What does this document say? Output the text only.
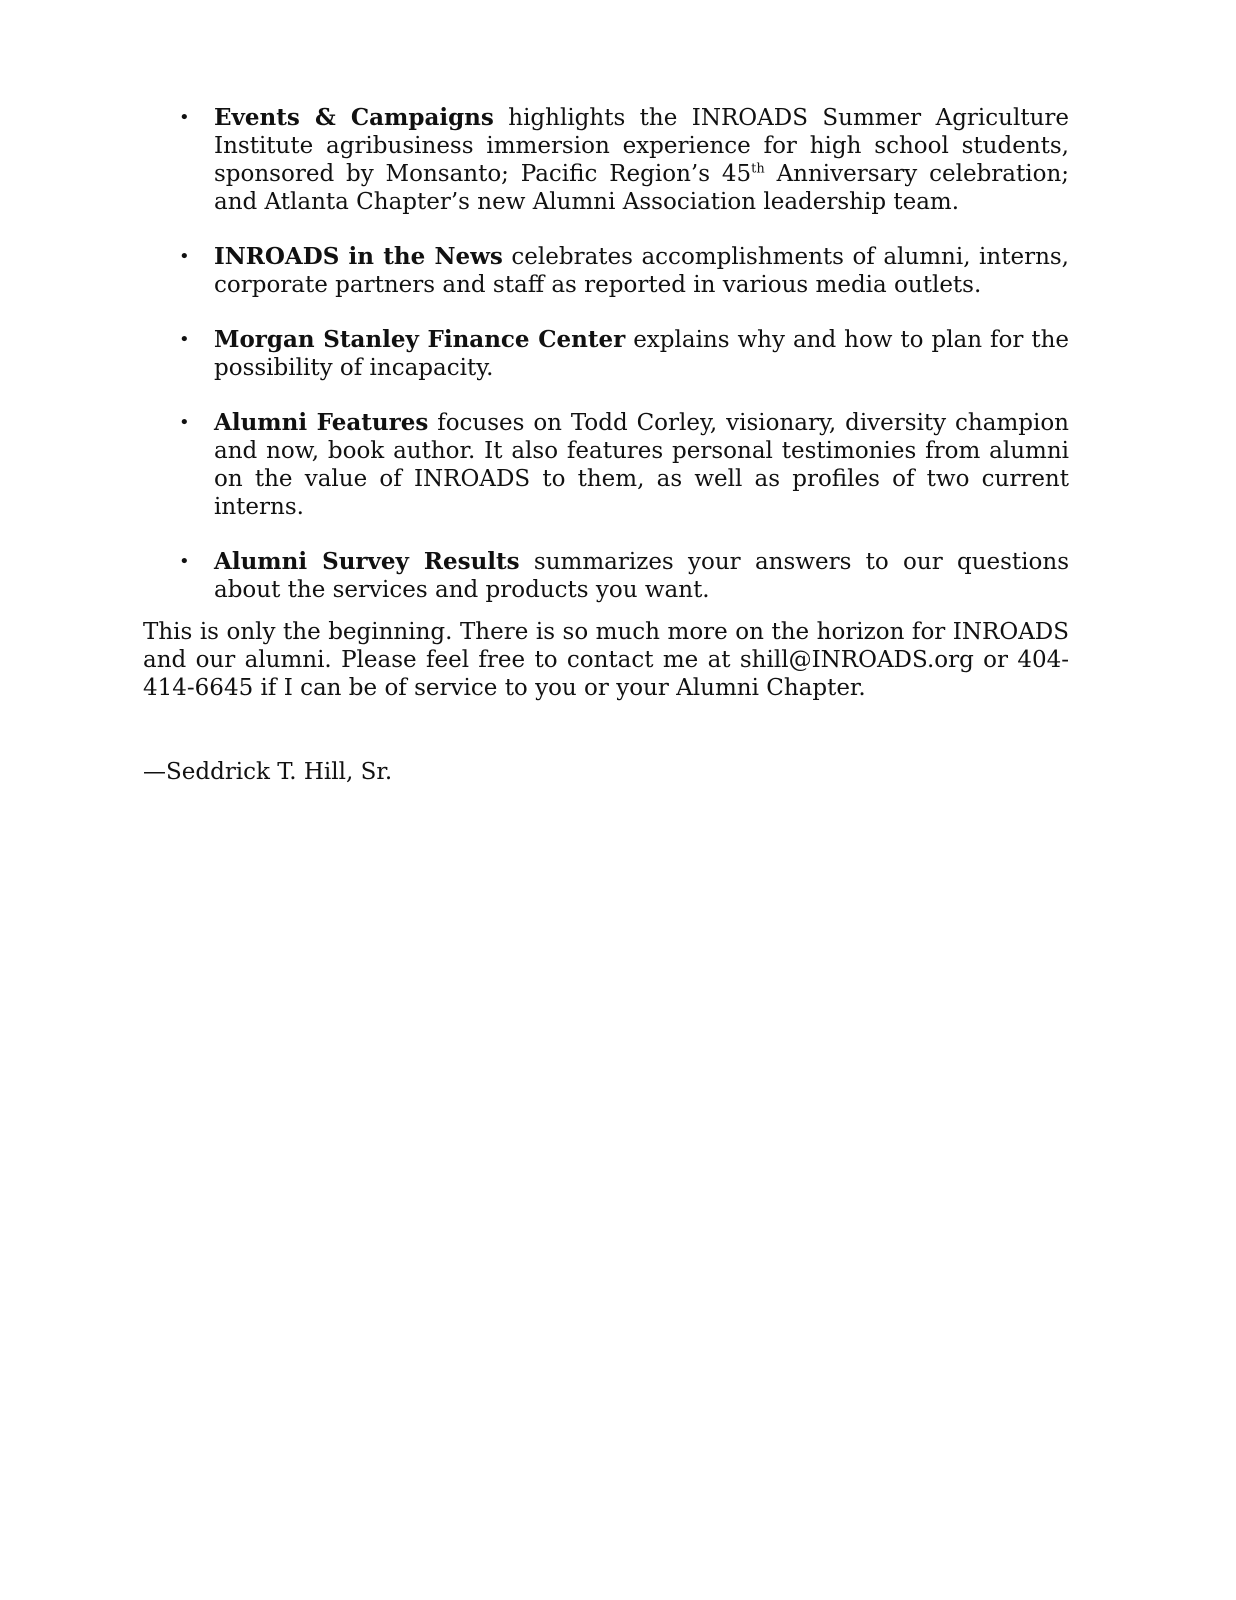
• Events & Campaigns highlights the INROADS Summer Agriculture Institute agribusiness immersion experience for high school students, sponsored by Monsanto; Pacific Region’s 45th Anniversary celebration; and Atlanta Chapter’s new Alumni Association leadership team.
• INROADS in the News celebrates accomplishments of alumni, interns, corporate partners and staff as reported in various media outlets.
• Morgan Stanley Finance Center explains why and how to plan for the possibility of incapacity.
• Alumni Features focuses on Todd Corley, visionary, diversity champion and now, book author. It also features personal testimonies from alumni on the value of INROADS to them, as well as profiles of two current interns.
• Alumni Survey Results summarizes your answers to our questions about the services and products you want.

This is only the beginning. There is so much more on the horizon for INROADS and our alumni. Please feel free to contact me at shill@INROADS.org or 404-414-6645 if I can be of service to you or your Alumni Chapter.

—Seddrick T. Hill, Sr.
